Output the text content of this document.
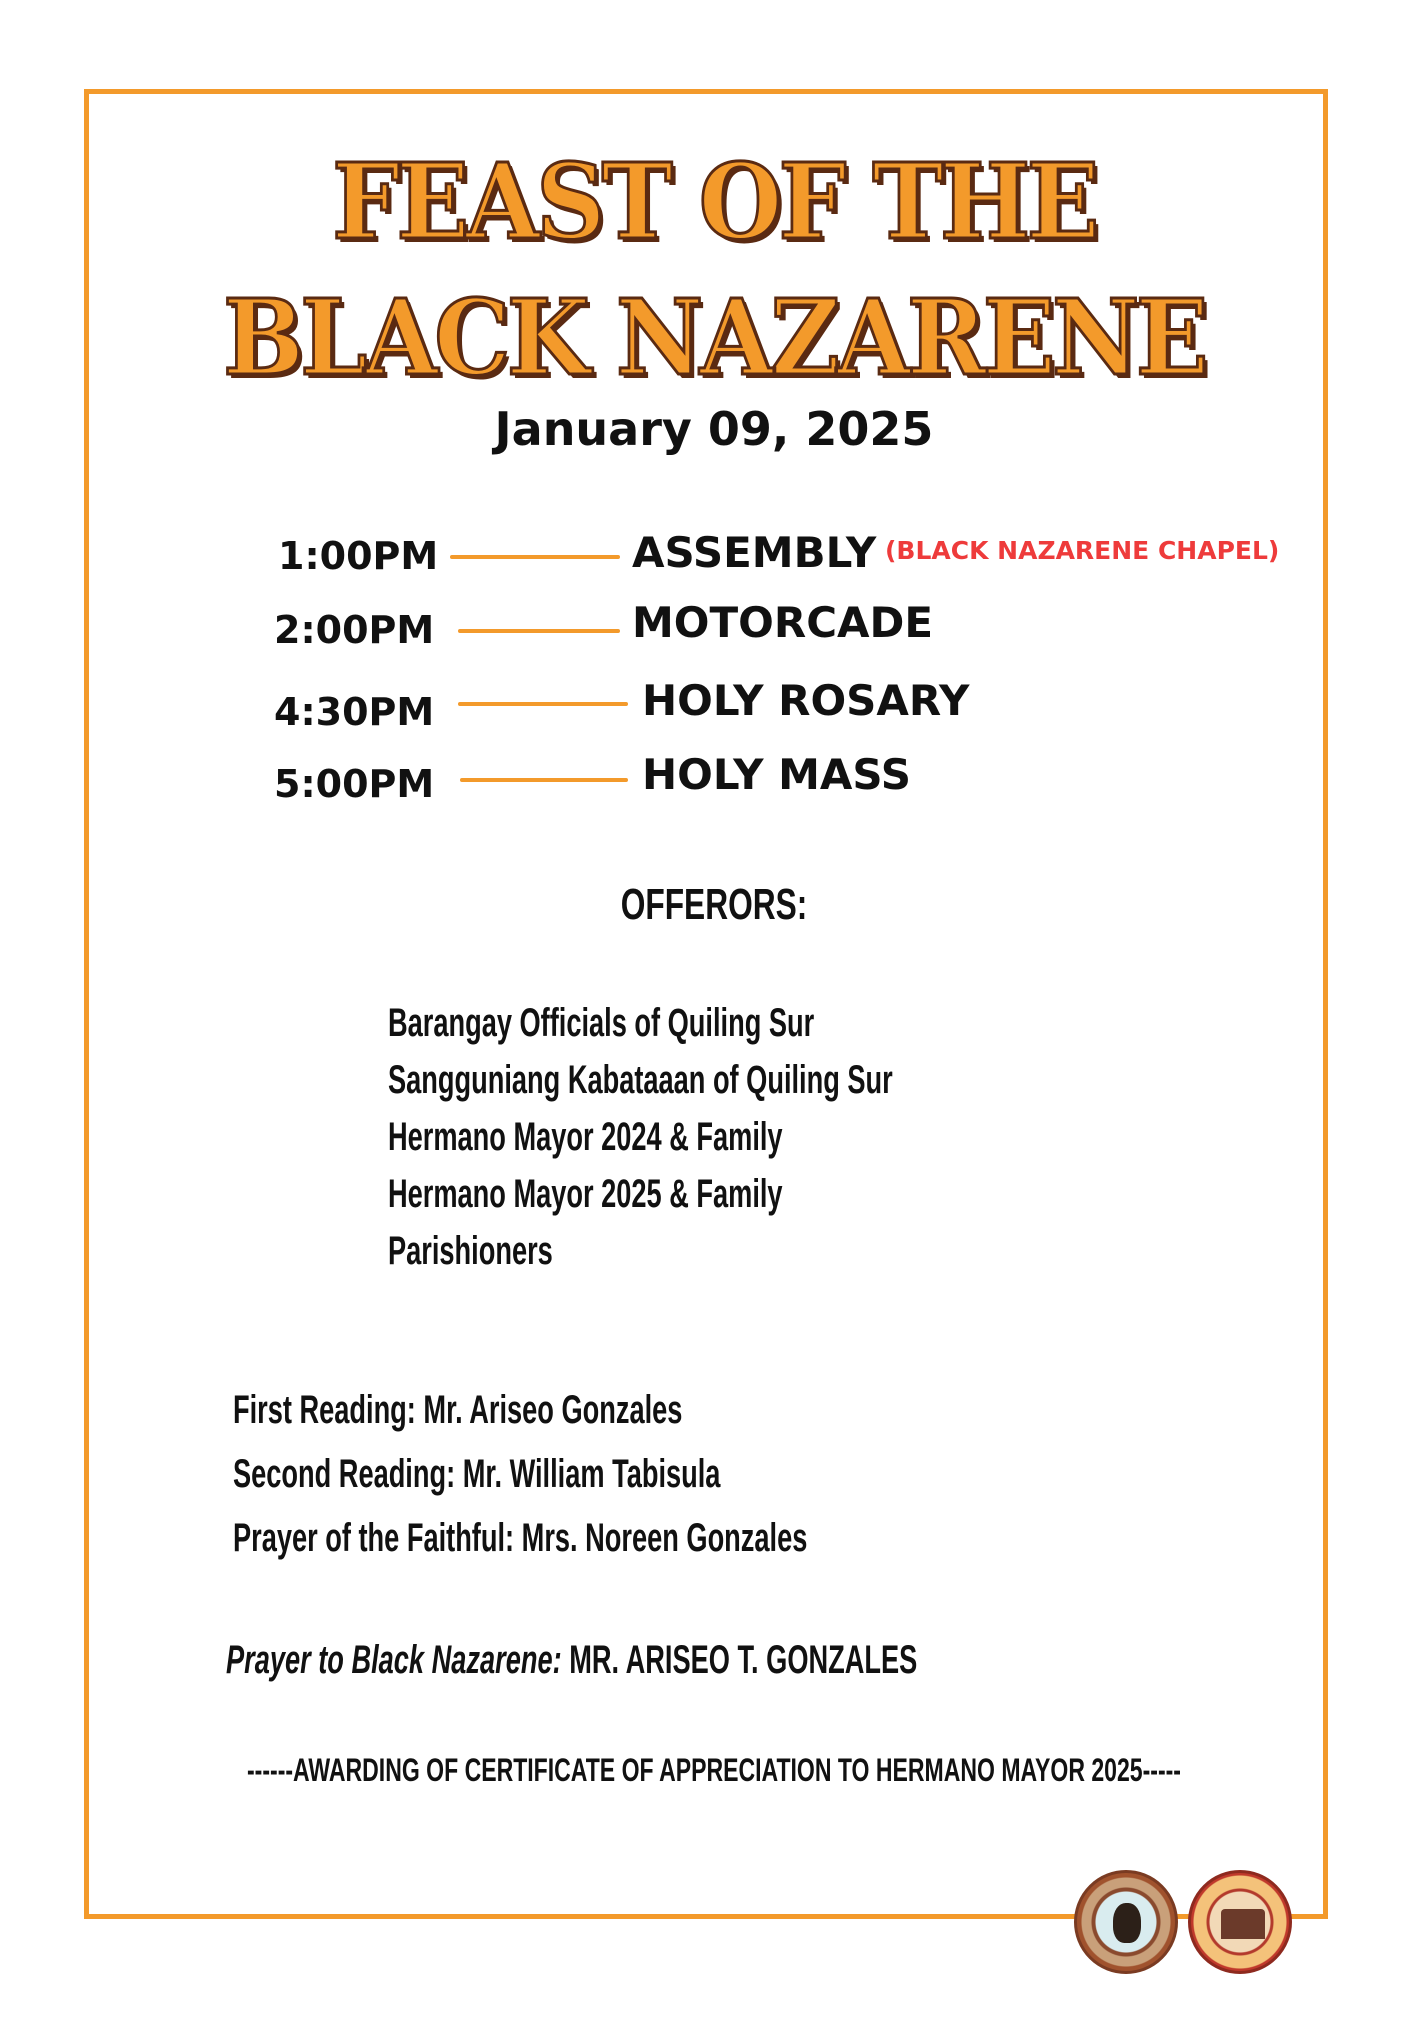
FEAST OF THE
BLACK NAZARENE
January 09, 2025
1:00PM	ASSEMBLY (BLACK NAZARENE CHAPEL)
2:00PM	MOTORCADE
4:30PM	HOLY ROSARY
5:00PM	HOLY MASS
OFFERORS:
Barangay Officials of Quiling Sur
Sangguniang Kabataaan of Quiling Sur
Hermano Mayor 2024 & Family
Hermano Mayor 2025 & Family
Parishioners
First Reading: Mr. Ariseo Gonzales
Second Reading: Mr. William Tabisula
Prayer of the Faithful: Mrs. Noreen Gonzales
Prayer to Black Nazarene: MR. ARISEO T. GONZALES
------AWARDING OF CERTIFICATE OF APPRECIATION TO HERMANO MAYOR 2025-----
